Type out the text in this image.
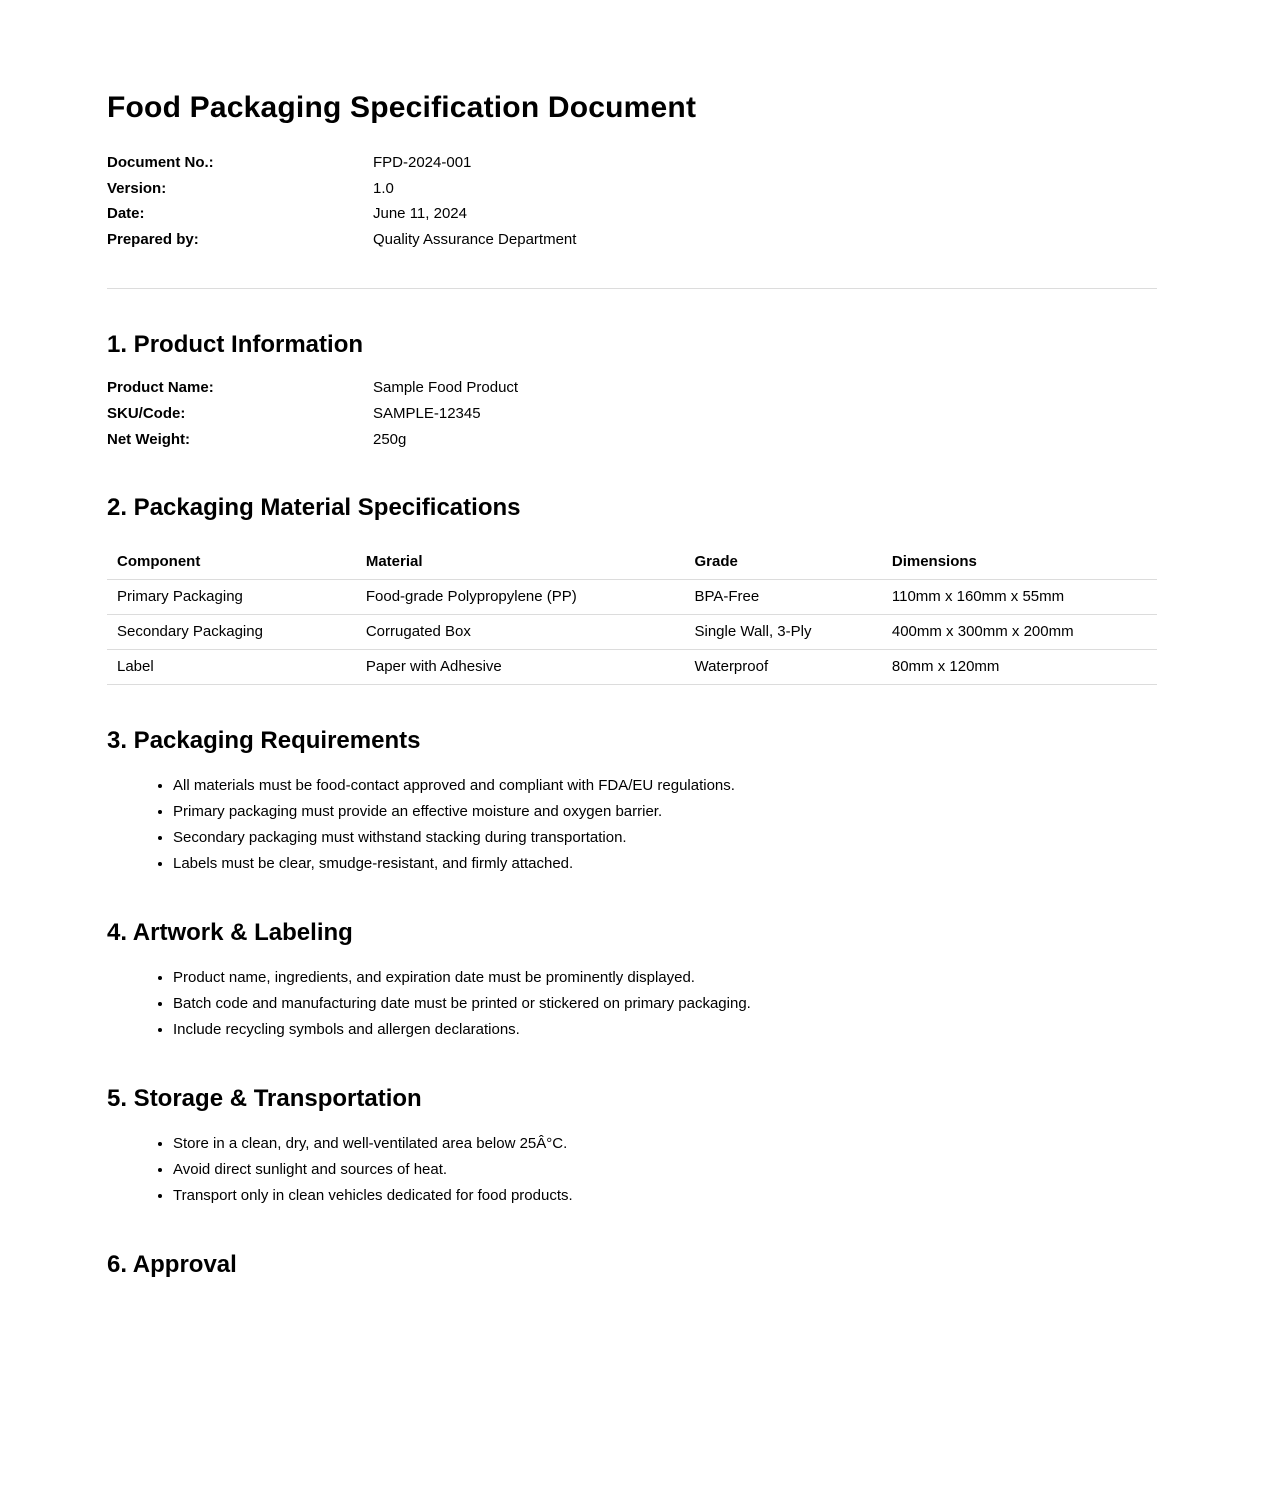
Food Packaging Specification Document
Document No.:	FPD-2024-001
Version:	1.0
Date:	June 11, 2024
Prepared by:	Quality Assurance Department
1. Product Information
Product Name:	Sample Food Product
SKU/Code:	SAMPLE-12345
Net Weight:	250g
2. Packaging Material Specifications
Component	Material	Grade	Dimensions
Primary Packaging	Food-grade Polypropylene (PP)	BPA-Free	110mm x 160mm x 55mm
Secondary Packaging	Corrugated Box	Single Wall, 3-Ply	400mm x 300mm x 200mm
Label	Paper with Adhesive	Waterproof	80mm x 120mm
3. Packaging Requirements
• All materials must be food-contact approved and compliant with FDA/EU regulations.
• Primary packaging must provide an effective moisture and oxygen barrier.
• Secondary packaging must withstand stacking during transportation.
• Labels must be clear, smudge-resistant, and firmly attached.
4. Artwork & Labeling
• Product name, ingredients, and expiration date must be prominently displayed.
• Batch code and manufacturing date must be printed or stickered on primary packaging.
• Include recycling symbols and allergen declarations.
5. Storage & Transportation
• Store in a clean, dry, and well-ventilated area below 25Â°C.
• Avoid direct sunlight and sources of heat.
• Transport only in clean vehicles dedicated for food products.
6. Approval
